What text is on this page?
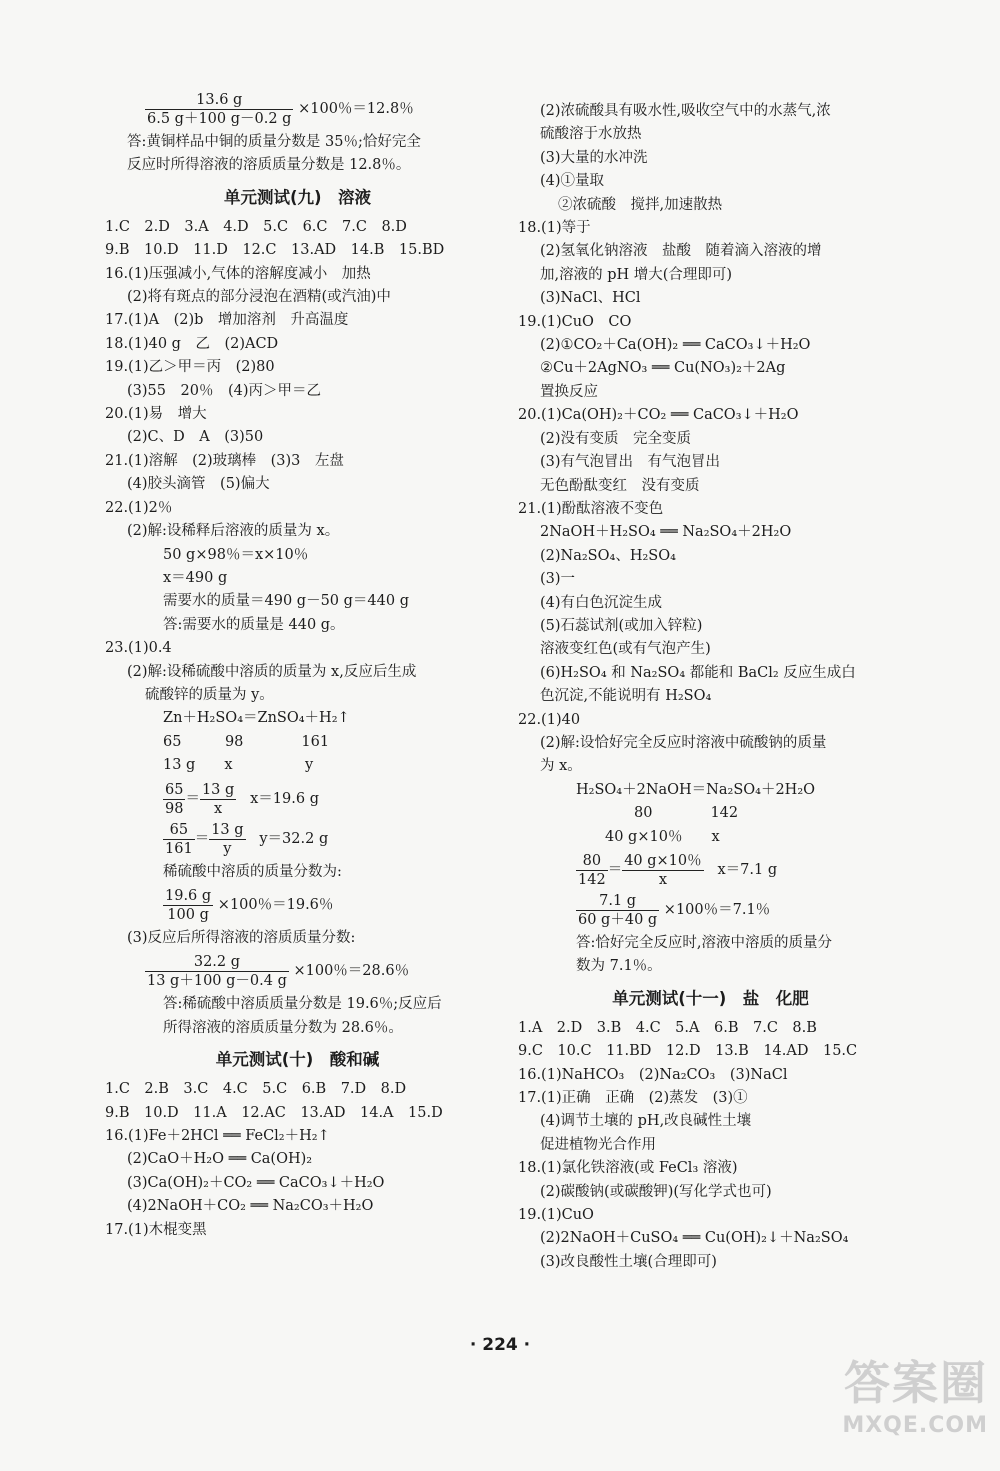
$\frac{13.6 g}{6.5 g+100 g-0.2 g} \times 100$％＝12.8％
答:黄铜样品中铜的质量分数是 35％;恰好完全
反应时所得溶液的溶质质量分数是 12.8％。
单元测试(九)　溶液
1.C　2.D　3.A　4.D　5.C　6.C　7.C　8.D
9.B　10.D　11.D　12.C　13.AD　14.B　15.BD
16.(1)压强减小,气体的溶解度减小　加热
(2)将有斑点的部分浸泡在酒精(或汽油)中
17.(1)A　(2)b　增加溶剂　升高温度
18.(1)40 g　乙　(2)ACD
19.(1)乙＞甲＝丙　(2)80
(3)55　20％　(4)丙＞甲＝乙
20.(1)易　增大
(2)C、D　A　(3)50
21.(1)溶解　(2)玻璃棒　(3)3　左盘
(4)胶头滴管　(5)偏大
22.(1)2％
(2)解:设稀释后溶液的质量为 x。
50 g×98％＝x×10％
x＝490 g
需要水的质量＝490 g－50 g＝440 g
答:需要水的质量是 440 g。
23.(1)0.4
(2)解:设稀硫酸中溶质的质量为 x,反应后生成
硫酸锌的质量为 y。
Zn＋H₂SO₄＝ZnSO₄＋H₂↑
65　　　98　　　　161
13 g　　x　　　　　y
$\frac{65}{98} = \frac{13 g}{x} x=19.6$ g
$\frac{65}{161} = \frac{13 g}{y} y=32.2$ g
稀硫酸中溶质的质量分数为:
$\frac{19.6 g}{100 g} \times 100$％＝19.6％
(3)反应后所得溶液的溶质质量分数:
$\frac{32.2 g}{13 g+100 g-0.4 g} \times 100$％＝28.6％
答:稀硫酸中溶质质量分数是 19.6％;反应后
所得溶液的溶质质量分数为 28.6％。
单元测试(十)　酸和碱
1.C　2.B　3.C　4.C　5.C　6.B　7.D　8.D
9.B　10.D　11.A　12.AC　13.AD　14.A　15.D
16.(1)Fe＋2HCl ══ FeCl₂＋H₂↑
(2)CaO＋H₂O ══ Ca(OH)₂
(3)Ca(OH)₂＋CO₂ ══ CaCO₃↓＋H₂O
(4)2NaOH＋CO₂ ══ Na₂CO₃＋H₂O
17.(1)木棍变黑
(2)浓硫酸具有吸水性,吸收空气中的水蒸气,浓
硫酸溶于水放热
(3)大量的水冲洗
(4)①量取
②浓硫酸　搅拌,加速散热
18.(1)等于
(2)氢氧化钠溶液　盐酸　随着滴入溶液的增
加,溶液的 pH 增大(合理即可)
(3)NaCl、HCl
19.(1)CuO　CO
(2)①CO₂＋Ca(OH)₂ ══ CaCO₃↓＋H₂O
②Cu＋2AgNO₃ ══ Cu(NO₃)₂＋2Ag
置换反应
20.(1)Ca(OH)₂＋CO₂ ══ CaCO₃↓＋H₂O
(2)没有变质　完全变质
(3)有气泡冒出　有气泡冒出
无色酚酞变红　没有变质
21.(1)酚酞溶液不变色
2NaOH＋H₂SO₄ ══ Na₂SO₄＋2H₂O
(2)Na₂SO₄、H₂SO₄
(3)一
(4)有白色沉淀生成
(5)石蕊试剂(或加入锌粒)
溶液变红色(或有气泡产生)
(6)H₂SO₄ 和 Na₂SO₄ 都能和 BaCl₂ 反应生成白
色沉淀,不能说明有 H₂SO₄
22.(1)40
(2)解:设恰好完全反应时溶液中硫酸钠的质量
为 x。
H₂SO₄＋2NaOH＝Na₂SO₄＋2H₂O
　　　　80　　　　142
　　40 g×10％　　x
$\frac{80}{142} = \frac{40 g\times 10\%}{x} x=7.1$ g
$\frac{7.1 g}{60 g+40 g} \times 100$％＝7.1％
答:恰好完全反应时,溶液中溶质的质量分
数为 7.1％。
单元测试(十一)　盐　化肥
1.A　2.D　3.B　4.C　5.A　6.B　7.C　8.B
9.C　10.C　11.BD　12.D　13.B　14.AD　15.C
16.(1)NaHCO₃　(2)Na₂CO₃　(3)NaCl
17.(1)正确　正确　(2)蒸发　(3)①
(4)调节土壤的 pH,改良碱性土壤
促进植物光合作用
18.(1)氯化铁溶液(或 FeCl₃ 溶液)
(2)碳酸钠(或碳酸钾)(写化学式也可)
19.(1)CuO
(2)2NaOH＋CuSO₄ ══ Cu(OH)₂↓＋Na₂SO₄
(3)改良酸性土壤(合理即可)
· 224 ·
答案圈
MXQE.COM
